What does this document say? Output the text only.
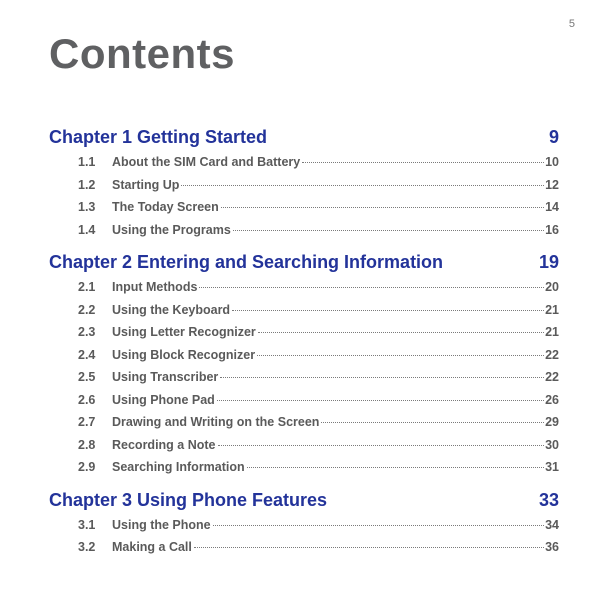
5
Contents
Chapter 1 Getting Started	9
1.1	About the SIM Card and Battery	10
1.2	Starting Up	12
1.3	The Today Screen	14
1.4	Using the Programs	16
Chapter 2 Entering and Searching Information	19
2.1	Input Methods	20
2.2	Using the Keyboard	21
2.3	Using Letter Recognizer	21
2.4	Using Block Recognizer	22
2.5	Using Transcriber	22
2.6	Using Phone Pad	26
2.7	Drawing and Writing on the Screen	29
2.8	Recording a Note	30
2.9	Searching Information	31
Chapter 3 Using Phone Features	33
3.1	Using the Phone	34
3.2	Making a Call	36
